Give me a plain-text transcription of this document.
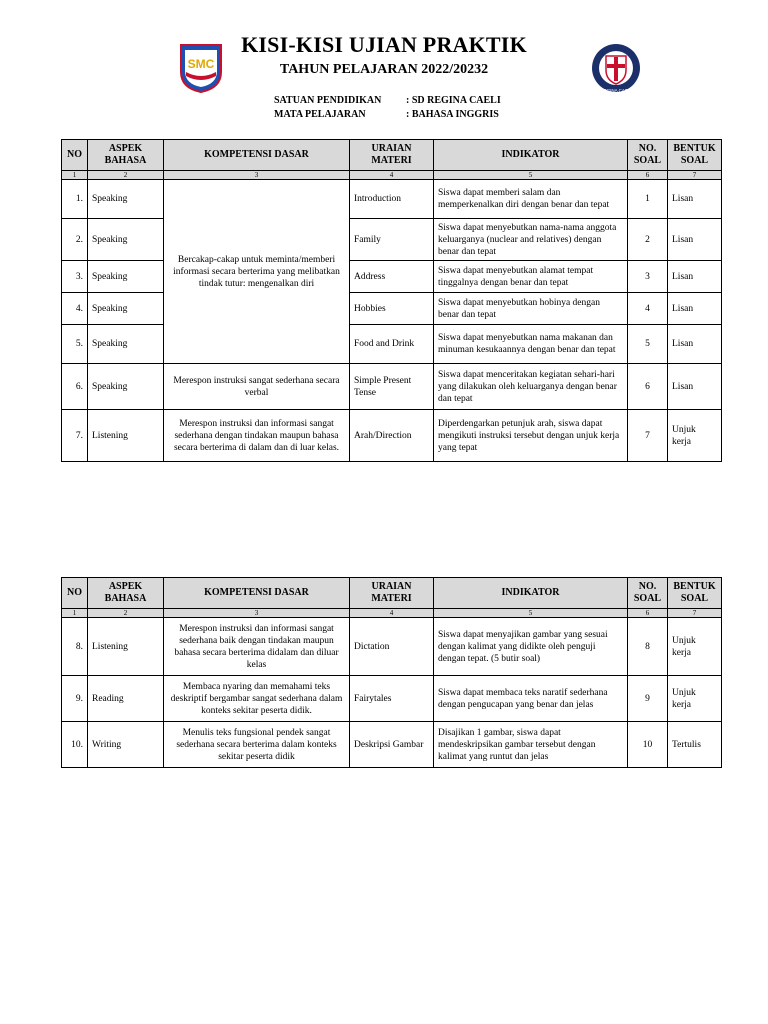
SMC
REGINA CAELI
KISI-KISI UJIAN PRAKTIK
TAHUN PELAJARAN 2022/20232
SATUAN PENDIDIKAN	: SD REGINA CAELI
MATA PELAJARAN	: BAHASA INGGRIS
NO	ASPEK BAHASA	KOMPETENSI DASAR	URAIAN MATERI	INDIKATOR	NO. SOAL	BENTUK SOAL
1	2	3	4	5	6	7
1.	Speaking	Bercakap-cakap untuk meminta/memberi informasi secara berterima yang melibatkan tindak tutur: mengenalkan diri	Introduction	Siswa dapat memberi salam dan memperkenalkan diri dengan benar dan tepat	1	Lisan
2.	Speaking		Family	Siswa dapat menyebutkan nama-nama anggota keluarganya (nuclear and relatives) dengan benar dan tepat	2	Lisan
3.	Speaking		Address	Siswa dapat menyebutkan alamat tempat tinggalnya dengan benar dan tepat	3	Lisan
4.	Speaking		Hobbies	Siswa dapat menyebutkan hobinya dengan benar dan tepat	4	Lisan
5.	Speaking		Food and Drink	Siswa dapat menyebutkan nama makanan dan minuman kesukaannya dengan benar dan tepat	5	Lisan
6.	Speaking	Merespon instruksi sangat sederhana secara verbal	Simple Present Tense	Siswa dapat menceritakan kegiatan sehari-hari yang dilakukan oleh keluarganya dengan benar dan tepat	6	Lisan
7.	Listening	Merespon instruksi dan informasi sangat sederhana dengan tindakan maupun bahasa secara berterima di dalam dan di luar kelas.	Arah/Direction	Diperdengarkan petunjuk arah, siswa dapat mengikuti instruksi tersebut dengan unjuk kerja yang tepat	7	Unjuk kerja
NO	ASPEK BAHASA	KOMPETENSI DASAR	URAIAN MATERI	INDIKATOR	NO. SOAL	BENTUK SOAL
1	2	3	4	5	6	7
8.	Listening	Merespon instruksi dan informasi sangat sederhana baik dengan tindakan maupun bahasa secara berterima didalam dan diluar kelas	Dictation	Siswa dapat menyajikan gambar yang sesuai dengan kalimat yang didikte oleh penguji dengan tepat. (5 butir soal)	8	Unjuk kerja
9.	Reading	Membaca nyaring dan memahami teks deskriptif bergambar sangat sederhana dalam konteks sekitar peserta didik.	Fairytales	Siswa dapat membaca teks naratif sederhana dengan pengucapan yang benar dan jelas	9	Unjuk kerja
10.	Writing	Menulis teks fungsional pendek sangat sederhana secara berterima dalam konteks sekitar peserta didik	Deskripsi Gambar	Disajikan 1 gambar, siswa dapat mendeskripsikan gambar tersebut dengan kalimat yang runtut dan jelas	10	Tertulis
